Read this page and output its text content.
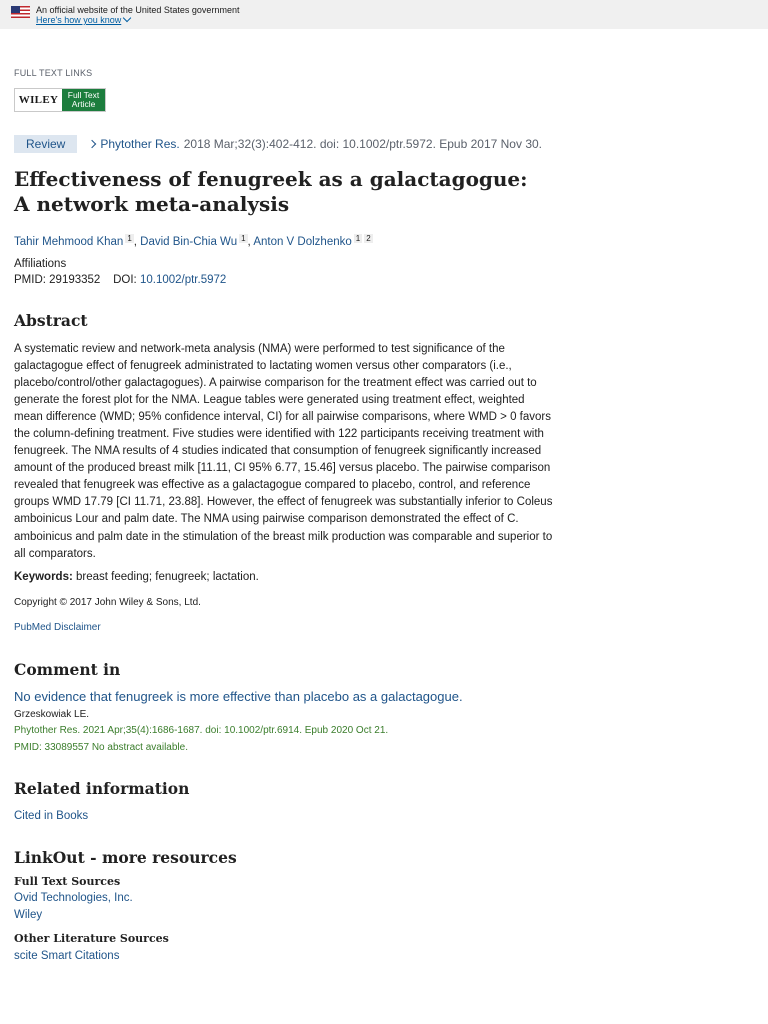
An official website of the United States government
Here's how you know
FULL TEXT LINKS
WILEY	Full Text
Article
Review	Phytother Res. 2018 Mar;32(3):402-412. doi: 10.1002/ptr.5972. Epub 2017 Nov 30.
Effectiveness of fenugreek as a galactagogue: A network meta-analysis
Tahir Mehmood Khan $^1$ , David Bin-Chia Wu $^1$ , Anton V Dolzhenko $^1$ $^2$
Affiliations
PMID: 29193352 DOI: 10.1002/ptr.5972
Abstract

A systematic review and network-meta analysis (NMA) were performed to test significance of the galactagogue effect of fenugreek administrated to lactating women versus other comparators (i.e., placebo/control/other galactagogues). A pairwise comparison for the treatment effect was carried out to generate the forest plot for the NMA. League tables were generated using treatment effect, weighted mean difference (WMD; 95% confidence interval, CI) for all pairwise comparisons, where WMD > 0 favors the column-defining treatment. Five studies were identified with 122 participants receiving treatment with fenugreek. The NMA results of 4 studies indicated that consumption of fenugreek significantly increased amount of the produced breast milk [11.11, CI 95% 6.77, 15.46] versus placebo. The pairwise comparison revealed that fenugreek was effective as a galactagogue compared to placebo, control, and reference groups WMD 17.79 [CI 11.71, 23.88]. However, the effect of fenugreek was substantially inferior to Coleus amboinicus Lour and palm date. The NMA using pairwise comparison demonstrated the effect of C. amboinicus and palm date in the stimulation of the breast milk production was comparable and superior to all comparators.

Keywords: breast feeding; fenugreek; lactation.
Copyright © 2017 John Wiley & Sons, Ltd.
PubMed Disclaimer
Comment in
No evidence that fenugreek is more effective than placebo as a galactagogue.
Grzeskowiak LE.
Phytother Res. 2021 Apr;35(4):1686-1687. doi: 10.1002/ptr.6914. Epub 2020 Oct 21.
PMID: 33089557 No abstract available.
Related information
Cited in Books
LinkOut - more resources
Full Text Sources
Ovid Technologies, Inc.
Wiley
Other Literature Sources
scite Smart Citations
